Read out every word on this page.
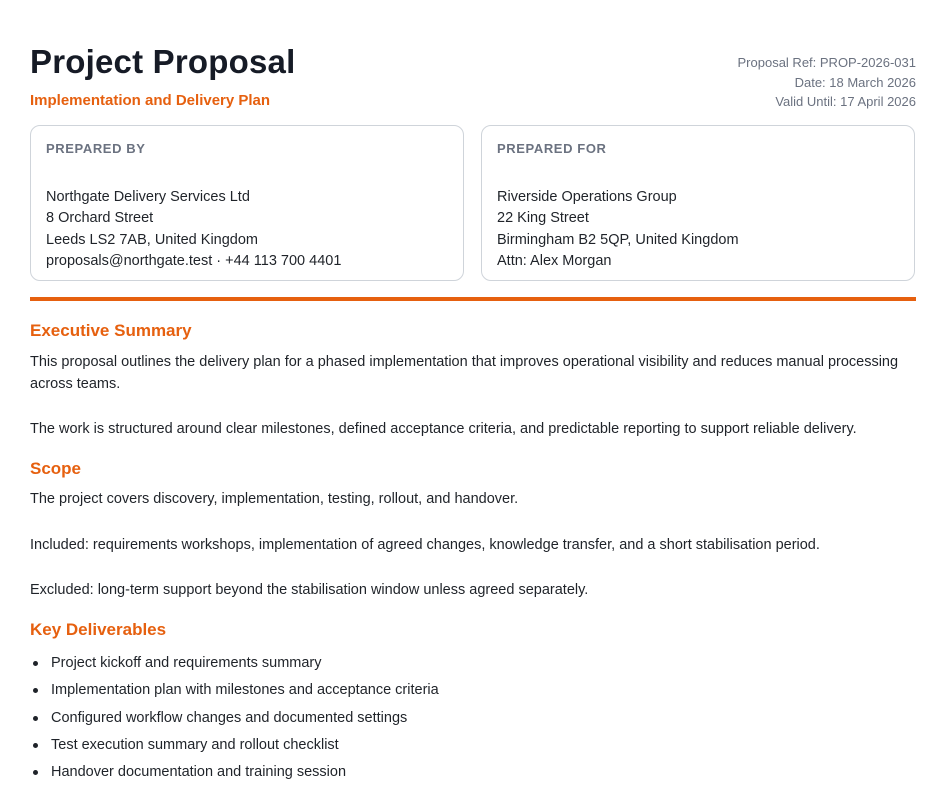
Project Proposal
Implementation and Delivery Plan
Proposal Ref: PROP-2026-031
Date: 18 March 2026
Valid Until: 17 April 2026
PREPARED BY
Northgate Delivery Services Ltd
8 Orchard Street
Leeds LS2 7AB, United Kingdom
proposals@northgate.test · +44 113 700 4401
PREPARED FOR
Riverside Operations Group
22 King Street
Birmingham B2 5QP, United Kingdom
Attn: Alex Morgan
Executive Summary

This proposal outlines the delivery plan for a phased implementation that improves operational visibility and reduces manual processing across teams.

The work is structured around clear milestones, defined acceptance criteria, and predictable reporting to support reliable delivery.

Scope

The project covers discovery, implementation, testing, rollout, and handover.

Included: requirements workshops, implementation of agreed changes, knowledge transfer, and a short stabilisation period.

Excluded: long-term support beyond the stabilisation window unless agreed separately.

Key Deliverables
Project kickoff and requirements summary
Implementation plan with milestones and acceptance criteria
Configured workflow changes and documented settings
Test execution summary and rollout checklist
Handover documentation and training session
